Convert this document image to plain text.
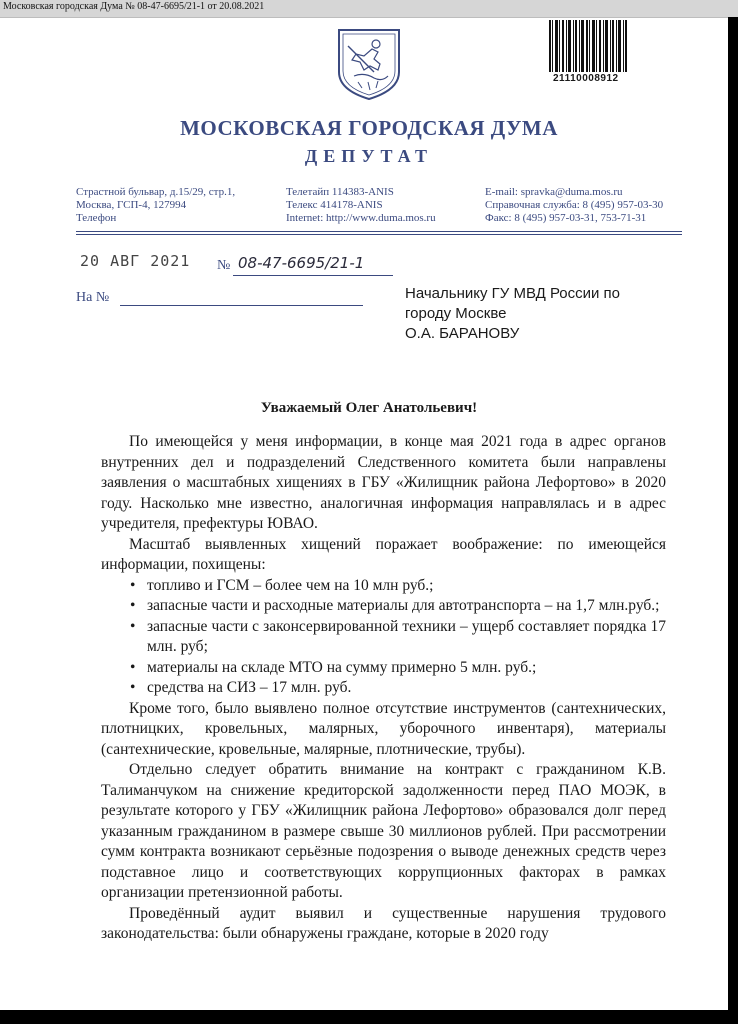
Московская городская Дума № 08-47-6695/21-1 от 20.08.2021
21110008912
МОСКОВСКАЯ ГОРОДСКАЯ ДУМА
ДЕПУТАТ
Страстной бульвар, д.15/29, стр.1,
Москва, ГСП-4, 127994
Телефон
Телетайп 114383-ANIS
Телекс 414178-ANIS
Internet: http://www.duma.mos.ru
E-mail: spravka@duma.mos.ru
Справочная служба: 8 (495) 957-03-30
Факс: 8 (495) 957-03-31, 753-71-31
20 АВГ 2021 № 08-47-6695/21-1
На №	Начальнику ГУ МВД России по
городу Москве
О.А. БАРАНОВУ
Уважаемый Олег Анатольевич!

По имеющейся у меня информации, в конце мая 2021 года в адрес органов внутренних дел и подразделений Следственного комитета были направлены заявления о масштабных хищениях в ГБУ «Жилищник района Лефортово» в 2020 году. Насколько мне известно, аналогичная информация направлялась и в адрес учредителя, префектуры ЮВАО.

Масштаб выявленных хищений поражает воображение: по имеющейся информации, похищены:

• топливо и ГСМ – более чем на 10 млн руб.;
• запасные части и расходные материалы для автотранспорта – на 1,7 млн.руб.;
• запасные части с законсервированной техники – ущерб составляет порядка 17 млн. руб;
• материалы на складе МТО на сумму примерно 5 млн. руб.;
• средства на СИЗ – 17 млн. руб.

Кроме того, было выявлено полное отсутствие инструментов (сантехнических, плотницких, кровельных, малярных, уборочного инвентаря), материалы (сантехнические, кровельные, малярные, плотнические, трубы).

Отдельно следует обратить внимание на контракт с гражданином К.В. Талиманчуком на снижение кредиторской задолженности перед ПАО МОЭК, в результате которого у ГБУ «Жилищник района Лефортово» образовался долг перед указанным гражданином в размере свыше 30 миллионов рублей. При рассмотрении сумм контракта возникают серьёзные подозрения о выводе денежных средств через подставное лицо и соответствующих коррупционных факторах в рамках организации претензионной работы.

Проведённый аудит выявил и существенные нарушения трудового законодательства: были обнаружены граждане, которые в 2020 году
